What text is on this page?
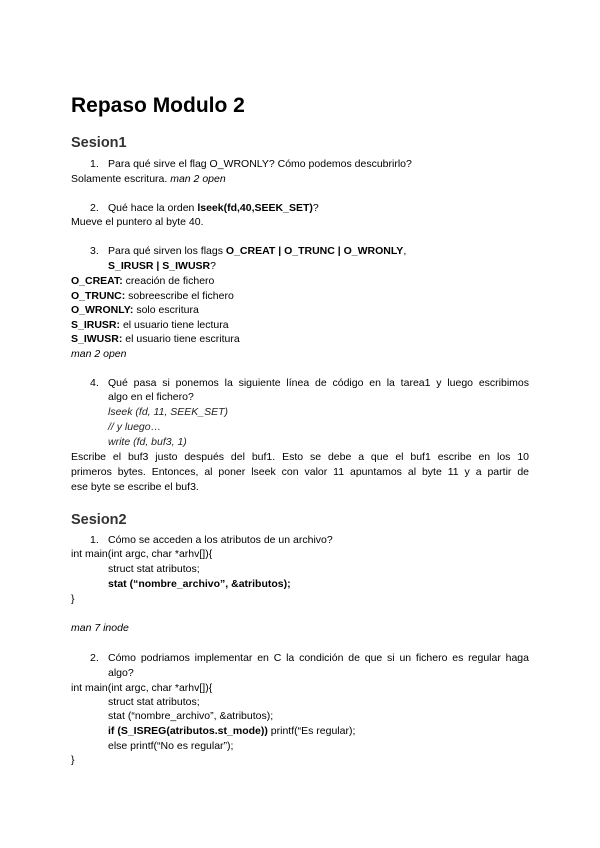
Repaso Modulo 2
Sesion1
1. Para qué sirve el flag O_WRONLY? Cómo podemos descubrirlo?
Solamente escritura. man 2 open
2. Qué hace la orden lseek(fd,40,SEEK_SET)?
Mueve el puntero al byte 40.
3. Para qué sirven los flags O_CREAT | O_TRUNC | O_WRONLY,
S_IRUSR | S_IWUSR?
O_CREAT: creación de fichero
O_TRUNC: sobreescribe el fichero
O_WRONLY: solo escritura
S_IRUSR: el usuario tiene lectura
S_IWUSR: el usuario tiene escritura
man 2 open
4. Qué pasa si ponemos la siguiente línea de código en la tarea1 y luego escribimos
algo en el fichero?
lseek (fd, 11, SEEK_SET)
// y luego…
write (fd, buf3, 1)
Escribe el buf3 justo después del buf1. Esto se debe a que el buf1 escribe en los 10
primeros bytes. Entonces, al poner lseek con valor 11 apuntamos al byte 11 y a partir de
ese byte se escribe el buf3.
Sesion2
1. Cómo se acceden a los atributos de un archivo?
int main(int argc, char *arhv[]){
struct stat atributos;
stat (“nombre_archivo”, &atributos);
}
man 7 inode
2. Cómo podriamos implementar en C la condición de que si un fichero es regular haga
algo?
int main(int argc, char *arhv[]){
struct stat atributos;
stat (“nombre_archivo”, &atributos);
if (S_ISREG(atributos.st_mode)) printf(“Es regular);
else printf(“No es regular”);
}
